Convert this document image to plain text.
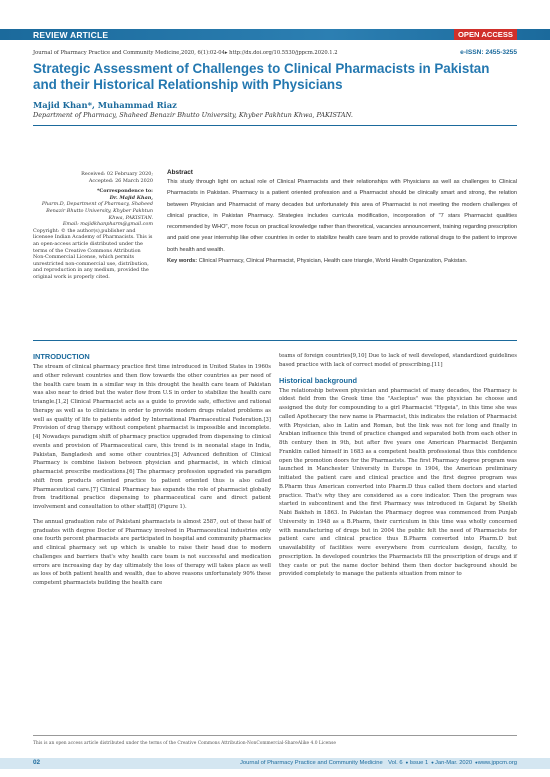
REVIEW ARTICLE	OPEN ACCESS
Journal of Pharmacy Practice and Community Medicine,2020, 6(1):02-04▸ http://dx.doi.org/10.5530/jppcm.2020.1.2	e-ISSN: 2455-3255
Strategic Assessment of Challenges to Clinical Pharmacists in Pakistan and their Historical Relationship with Physicians
Majid Khan*, Muhammad Riaz
Department of Pharmacy, Shaheed Benazir Bhutto University, Khyber Pakhtun Khwa, PAKISTAN.

Received: 02 February 2020;

Accepted: 26 March 2020

*Correspondence to:

Dr. Majid Khan,

Pharm.D, Department of Pharmacy, Shaheed Benazir Bhutto University, Khyber Pakhtun Khwa, PAKISTAN.

Email: majidkhanpharm@gmail.com

Copyright: © the author(s),publisher and licensee Indian Academy of Pharmacists. This is an open-access article distributed under the terms of the Creative Commons Attribution Non-Commercial License, which permits unrestricted non-commercial use, distribution, and reproduction in any medium, provided the original work is properly cited.

Abstract

This study through light on actual role of Clinical Pharmacists and their relationships with Physicians as well as challenges to Clinical Pharmacists in Pakistan. Pharmacy is a patient oriented profession and a Pharmacist should be clinically smart and strong, the relation between Physician and Pharmacist of many decades but unfortunately this area of Pharmacist is not meeting the modern challenges of clinical practice, in Pakistan Pharmacy. Strategies includes curricula modification, incorporation of "7 stars Pharmacist qualities recommended by WHO", more focus on practical knowledge rather than theoretical, vacancies announcement, training regarding prescription and paid one year internship like other countries in order to stabilize health care team and to provide rational drugs to the patient to improve both health and wealth.

Key words: Clinical Pharmacy, Clinical Pharmacist, Physician, Health care triangle, World Health Organization, Pakistan.

INTRODUCTION

The stream of clinical pharmacy practice first time introduced in United States in 1960s and other relevant countries and then flow towards the other countries as per need of the health care team in a similar way in this drought the health care team of Pakistan was also near to dried but the water flow from U.S in order to stabilize the health care triangle.[1,2] Clinical Pharmacist acts as a guide to provide safe, effective and rational therapy as well as to clinicians in order to provide modern drugs related problems as well as quality of life to patients added by International Pharmaceutical Federation.[3] Provision of drug therapy without competent pharmacist is impossible and incomplete.[4] Nowadays paradigm shift of pharmacy practice upgraded from dispensing to clinical events and provision of Pharmaceutical care, this trend is in neonatal stage in India, Pakistan, Bangladesh and some other countries.[5] Advanced definition of Clinical Pharmacy is combine liaison between physician and pharmacist, in which clinical pharmacist prescribe medications.[6] The pharmacy profession upgraded via paradigm shift from products oriented practice to patient oriented thus is also called Pharmaceutical care.[7] Clinical Pharmacy has expands the role of pharmacist globally from traditional practice dispensing to pharmaceutical care and direct patient involvement and consultation to other staff[8] (Figure 1).

The annual graduation rate of Pakistani pharmacists is almost 2587, out of these half of graduates with degree Doctor of Pharmacy involved in Pharmaceutical industries only one fourth percent pharmacists are participated in hospital and community pharmacies and clinical pharmacy set up which is unable to raise their head due to modern challenges and barriers that's why health care team is not successful and medication errors are increasing day by day ultimately the loss of therapy will takes place as well as loss of both patient health and wealth, due to above reasons unfortunately 90% these competent pharmacists building the health care

teams of foreign countries[9,10] Due to lack of well developed, standardized guidelines based practice with lack of correct model of prescribing.[11]

Historical background

The relationship between physician and pharmacist of many decades, the Pharmacy is oldest field from the Greek time the "Asclepius" was the physician he choose and assigned the duty for compounding to a girl Pharmacist "Hygeia", in this time she was called Apothecary the new name is Pharmacist, this indicates the relation of Pharmacist with Physician, also in Latin and Roman, but the link was not for long and finally in Arabian influence this trend of practice changed and separated both from each other in 8th century then in 9th, but after five years one American Pharmacist Benjamin Franklin called himself in 1683 as a competent health professional thus this confidence open the promotion doors for the Pharmacists. The first Pharmacy degree program was launched in Manchester University in Europe in 1904, the American preliminary initiated the patient care and clinical practice and the first degree program was B.Pharm thus American converted into Pharm.D thus called them doctors and started practice. That's why they are considered as a core indicator. Then the program was started in subcontinent and the first Pharmacy was introduced in Gujarat by Sheikh Nabi Bakhsh in 1863. In Pakistan the Pharmacy degree was commenced from Punjab University in 1948 as a B.Pharm, their curriculum in this time was wholly concerned with manufacturing of drugs but in 2004 the public felt the need of Pharmacists for patient care and clinical practice thus B.Pharm converted into Pharm.D but unavailability of facilities were everywhere from curriculum design, faculty, to prescription. In developed countries the Pharmacists fill the prescription of drugs and if they caste or put the name doctor behind them then doctor background should be provided completely to manage the patients situation from minor to

This is an open access article distributed under the terms of the Creative Commons Attribution-NonCommercial-ShareAlike 4.0 License
02	Journal of Pharmacy Practice and Community Medicine Vol. 6  ● Issue 1  ● Jan-Mar. 2020  ●www.jppcm.org
